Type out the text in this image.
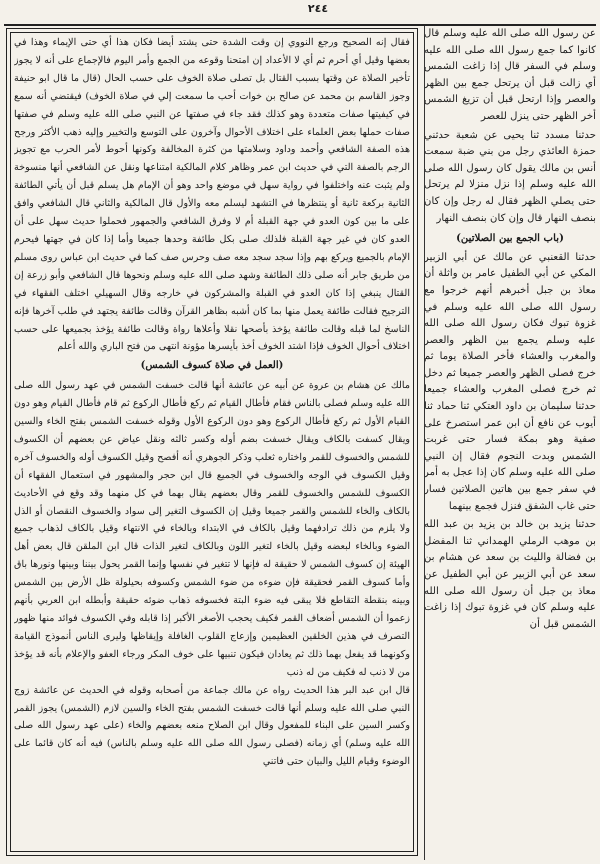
٢٤٤

عن رسول الله صلى الله عليه وسلم قال كانوا كما جمع رسول الله صلى الله عليه وسلم في السفر قال إذا زاغت الشمس أي زالت قبل أن يرتحل جمع بين الظهر والعصر وإذا ارتحل قبل أن تزيغ الشمس أخر الظهر حتى ينزل للعصر

حدثنا مسدد ثنا يحيى عن شعبة حدثني حمزة العائذي رجل من بني ضبة سمعت أنس بن مالك يقول كان رسول الله صلى الله عليه وسلم إذا نزل منزلا لم يرتحل حتى يصلي الظهر فقال له رجل وإن كان بنصف النهار قال وإن كان بنصف النهار

(باب الجمع بين الصلاتين)

حدثنا القعنبي عن مالك عن أبي الزبير المكي عن أبي الطفيل عامر بن واثلة أن معاذ بن جبل أخبرهم أنهم خرجوا مع رسول الله صلى الله عليه وسلم في غزوة تبوك فكان رسول الله صلى الله عليه وسلم يجمع بين الظهر والعصر والمغرب والعشاء فأخر الصلاة يوما ثم خرج فصلى الظهر والعصر جميعا ثم دخل ثم خرج فصلى المغرب والعشاء جميعا حدثنا سليمان بن داود العتكي ثنا حماد ثنا أيوب عن نافع أن ابن عمر استصرخ على صفية وهو بمكة فسار حتى غربت الشمس وبدت النجوم فقال إن النبي صلى الله عليه وسلم كان إذا عجل به أمر في سفر جمع بين هاتين الصلاتين فسار حتى غاب الشفق فنزل فجمع بينهما

حدثنا يزيد بن خالد بن يزيد بن عبد الله بن موهب الرملي الهمداني ثنا المفضل بن فضالة والليث بن سعد عن هشام بن سعد عن أبي الزبير عن أبي الطفيل عن معاذ بن جبل أن رسول الله صلى الله عليه وسلم كان في غزوة تبوك إذا زاغت الشمس قبل أن

فقال إنه الصحيح ورجع النووي إن وقت الشدة حتى يشتد أيضا فكان هذا أي حتى الإيماء وهذا في بعضها وقيل أي أحرم ثم أي لا الأعداد إن امتحنا وقوعه من الجمع وأمر اليوم فالإجماع على أنه لا يجوز تأخير الصلاة عن وقتها بسبب القتال بل تصلى صلاة الخوف على حسب الحال (قال ما قال ابو حنيفة وجوز القاسم بن محمد عن صالح بن خوات أحب ما سمعت إلي في صلاة الخوف) فيقتضي أنه سمع في كيفيتها صفات متعددة وهو كذلك فقد جاء في صفتها عن النبي صلى الله عليه وسلم في صفتها صفات حملها بعض العلماء على اختلاف الأحوال وآخرون على التوسع والتخيير وإليه ذهب الأكثر ورجح هذه الصفة الشافعي وأحمد وداود وسلامتها من كثرة المخالفة وكونها أحوط لأمر الحرب مع تجويز الرجم بالصفة التي في حديث ابن عمر وظاهر كلام المالكية امتناعها ونقل عن الشافعي أنها منسوخة ولم يثبت عنه واختلفوا في رواية سهل في موضع واحد وهو أن الإمام هل يسلم قبل أن يأتي الطائفة الثانية بركعة ثانية أو ينتظرها في التشهد ليسلم معه والأول قال المالكية والثاني قال الشافعي وافق على ما بين كون العدو في جهة القبلة أم لا وفرق الشافعي والجمهور فحملوا حديث سهل على أن العدو كان في غير جهة القبلة فلذلك صلى بكل طائفة وحدها جميعا وأما إذا كان في جهتها فيحرم الإمام بالجميع ويركع بهم وإذا سجد سجد معه صف وحرس صف كما في حديث ابن عباس روى مسلم من طريق جابر أنه صلى ذلك الطائفة وشهد صلى الله عليه وسلم ونحوها قال الشافعي وأبو زرعة إن القتال ينبغي إذا كان العدو في القبلة والمشركون في خارجه وقال السهيلي اختلف الفقهاء في الترجيح فقالت طائفة يعمل منها بما كان أشبه بظاهر القرآن وقالت طائفة يجتهد في طلب آخرها فإنه الناسخ لما قبله وقالت طائفة يؤخذ بأصحها نقلا وأعلاها رواة وقالت طائفة يؤخذ بجميعها على حسب اختلاف أحوال الخوف فإذا اشتد الخوف أخذ بأيسرها مؤونة انتهى من فتح الباري والله أعلم

(العمل في صلاة كسوف الشمس)

مالك عن هشام بن عروة عن أبيه عن عائشة أنها قالت خسفت الشمس في عهد رسول الله صلى الله عليه وسلم فصلى بالناس فقام فأطال القيام ثم ركع فأطال الركوع ثم قام فأطال القيام وهو دون القيام الأول ثم ركع فأطال الركوع وهو دون الركوع الأول وقوله خسفت الشمس بفتح الخاء والسين ويقال كسفت بالكاف ويقال خسفت بضم أوله وكسر ثالثه ونقل عياض عن بعضهم أن الكسوف للشمس والخسوف للقمر واختاره ثعلب وذكر الجوهري أنه أفصح وقيل الكسوف أوله والخسوف آخره وقيل الكسوف في الوجه والخسوف في الجميع قال ابن حجر والمشهور في استعمال الفقهاء أن الكسوف للشمس والخسوف للقمر وقال بعضهم يقال بهما في كل منهما وقد وقع في الأحاديث بالكاف والخاء للشمس والقمر جميعا وقيل إن الكسوف التغير إلى سواد والخسوف النقصان أو الذل ولا يلزم من ذلك ترادفهما وقيل بالكاف في الابتداء وبالخاء في الانتهاء وقيل بالكاف لذهاب جميع الضوء وبالخاء لبعضه وقيل بالخاء لتغير اللون وبالكاف لتغير الذات قال ابن الملقن قال بعض أهل الهيئة إن كسوف الشمس لا حقيقة له فإنها لا تتغير في نفسها وإنما القمر يحول بيننا وبينها ونورها باق وأما كسوف القمر فحقيقة فإن ضوءه من ضوء الشمس وكسوفه بحيلولة ظل الأرض بين الشمس وبينه بنقطة التقاطع فلا يبقى فيه ضوء البتة فخسوفه ذهاب ضوئه حقيقة وأبطله ابن العربي بأنهم زعموا أن الشمس أضعاف القمر فكيف يحجب الأصغر الأكبر إذا قابله وفي الكسوف فوائد منها ظهور التصرف في هذين الخلقين العظيمين وإزعاج القلوب الغافلة وإيقاظها وليرى الناس أنموذج القيامة وكونهما قد يفعل بهما ذلك ثم يعادان فيكون تنبيها على خوف المكر ورجاء العفو والإعلام بأنه قد يؤخذ من لا ذنب له فكيف من له ذنب

قال ابن عبد البر هذا الحديث رواه عن مالك جماعة من أصحابه وقوله في الحديث عن عائشة زوج النبي صلى الله عليه وسلم أنها قالت خسفت الشمس بفتح الخاء والسين لازم (الشمس) يجوز القمر وكسر السين على البناء للمفعول وقال ابن الصلاح منعه بعضهم والخاء (على عهد رسول الله صلى الله عليه وسلم) أي زمانه (فصلى رسول الله صلى الله عليه وسلم بالناس) فيه أنه كان قائما على الوضوء وقيام الليل والبيان حتى فاتني
